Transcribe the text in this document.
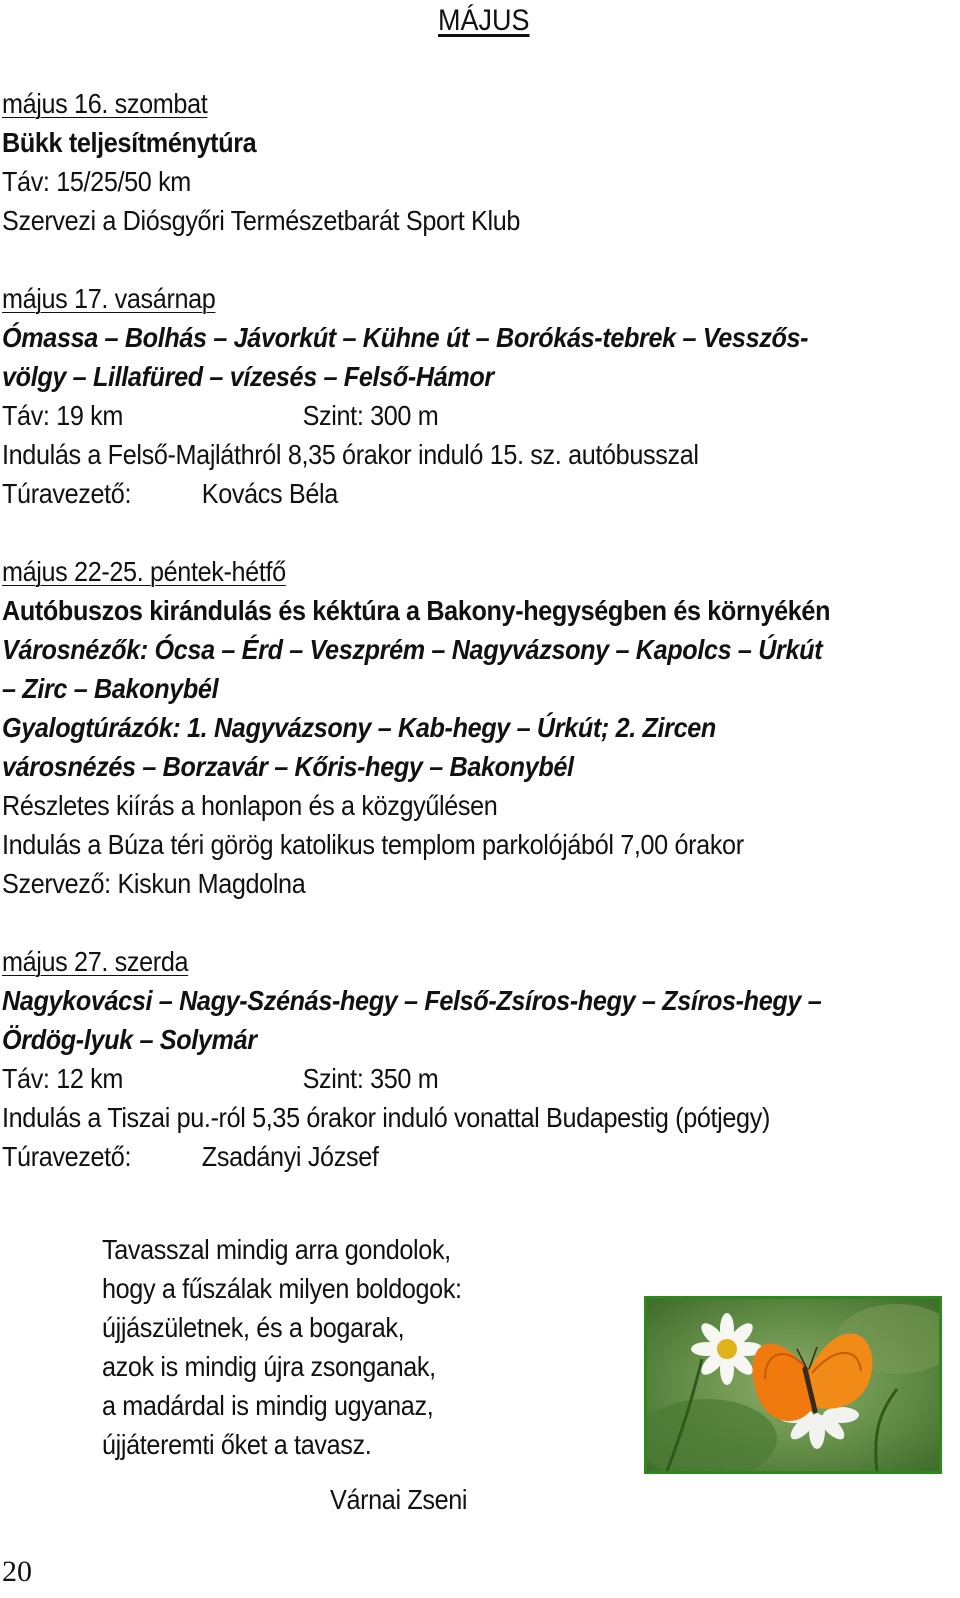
MÁJUS

május 16. szombat

Bükk teljesítménytúra

Táv: 15/25/50 km

Szervezi a Diósgyőri Természetbarát Sport Klub

május 17. vasárnap

Ómassa – Bolhás – Jávorkút – Kühne út – Borókás-tebrek – Vesszős-

völgy – Lillafüred – vízesés – Felső-Hámor

Táv: 19 km	Szint: 300 m

Indulás a Felső-Majláthról 8,35 órakor induló 15. sz. autóbusszal

Túravezető:	Kovács Béla

május 22-25. péntek-hétfő

Autóbuszos kirándulás és kéktúra a Bakony-hegységben és környékén

Városnézők: Ócsa – Érd – Veszprém – Nagyvázsony – Kapolcs – Úrkút

– Zirc – Bakonybél

Gyalogtúrázók: 1. Nagyvázsony – Kab-hegy – Úrkút; 2. Zircen

városnézés – Borzavár – Kőris-hegy – Bakonybél

Részletes kiírás a honlapon és a közgyűlésen

Indulás a Búza téri görög katolikus templom parkolójából 7,00 órakor

Szervező: Kiskun Magdolna

május 27. szerda

Nagykovácsi – Nagy-Szénás-hegy – Felső-Zsíros-hegy – Zsíros-hegy –

Ördög-lyuk – Solymár

Táv: 12 km	Szint: 350 m

Indulás a Tiszai pu.-ról 5,35 órakor induló vonattal Budapestig (pótjegy)

Túravezető:	Zsadányi József

Tavasszal mindig arra gondolok,

hogy a fűszálak milyen boldogok:

újjászületnek, és a bogarak,

azok is mindig újra zsonganak,

a madárdal is mindig ugyanaz,

újjáteremti őket a tavasz.

Várnai Zseni

20
